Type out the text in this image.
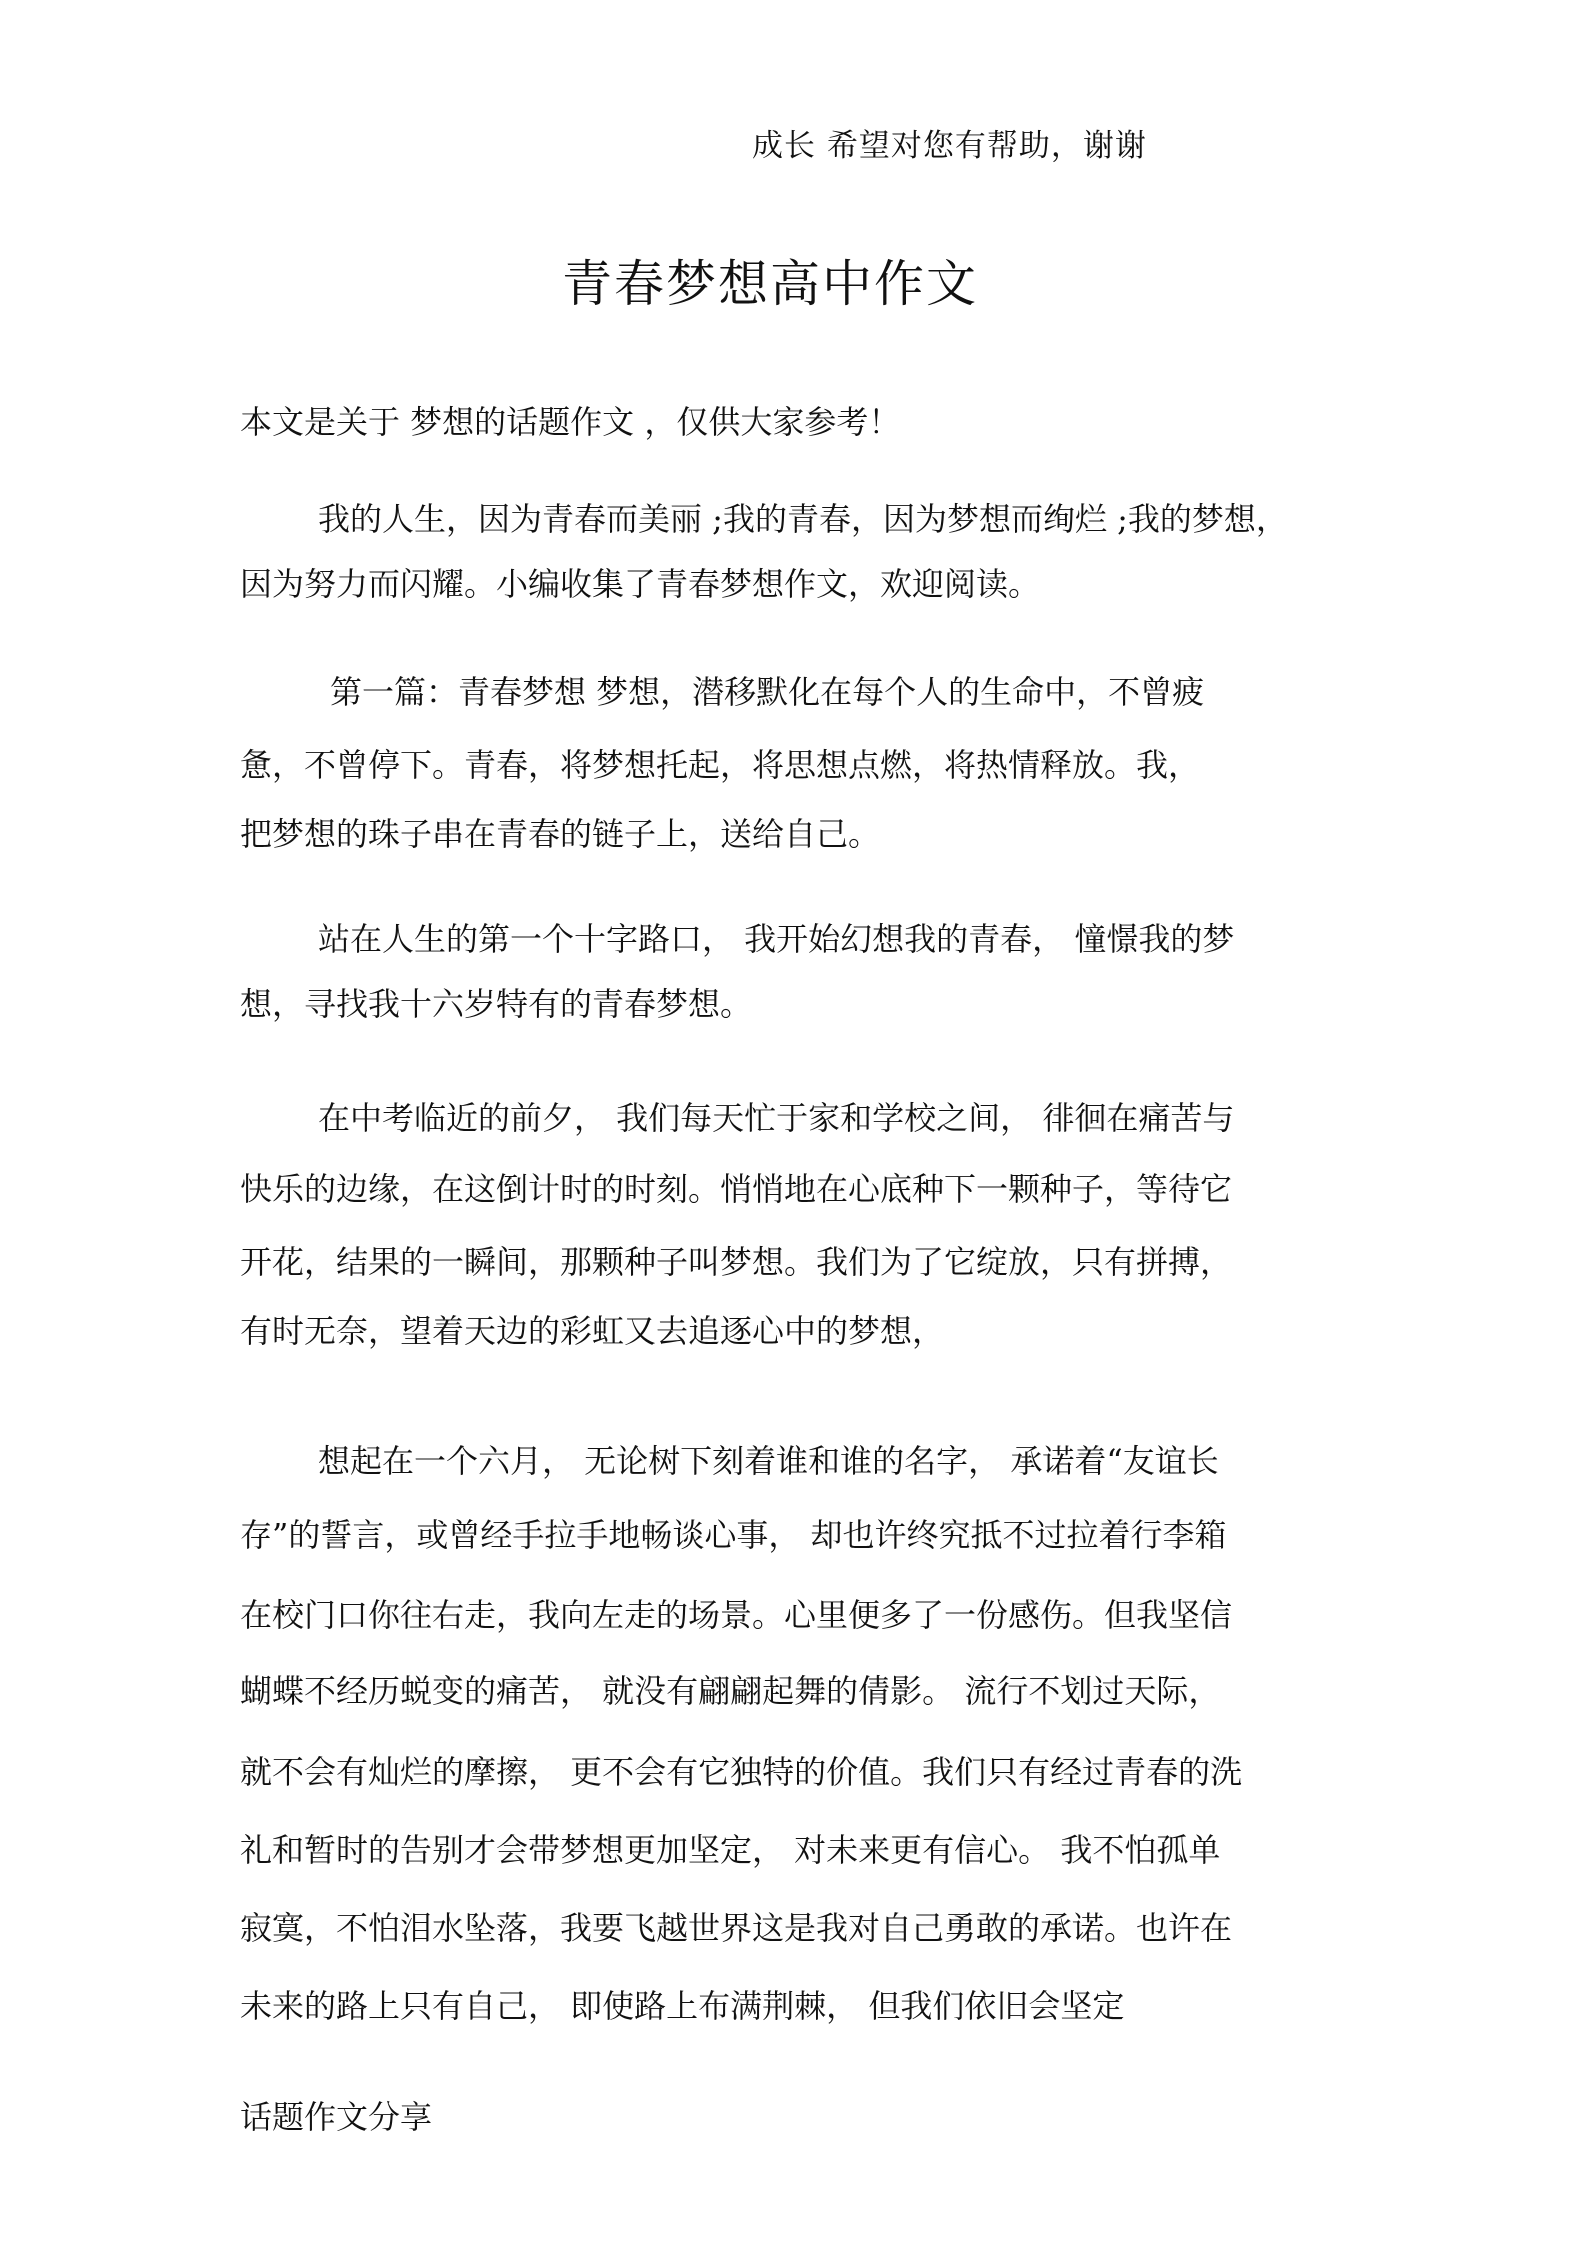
成长 希望对您有帮助，谢谢
青春梦想高中作文
本文是关于 梦想的话题作文 ，仅供大家参考！
我的人生，因为青春而美丽 ;我的青春，因为梦想而绚烂 ;我的梦想，
因为努力而闪耀。小编收集了青春梦想作文，欢迎阅读。
第一篇：青春梦想 梦想，潜移默化在每个人的生命中，不曾疲
惫，不曾停下。青春，将梦想托起，将思想点燃，将热情释放。我，
把梦想的珠子串在青春的链子上，送给自己。
站在人生的第一个十字路口， 我开始幻想我的青春， 憧憬我的梦
想，寻找我十六岁特有的青春梦想。
在中考临近的前夕， 我们每天忙于家和学校之间， 徘徊在痛苦与
快乐的边缘，在这倒计时的时刻。悄悄地在心底种下一颗种子，等待它
开花，结果的一瞬间，那颗种子叫梦想。我们为了它绽放，只有拼搏，
有时无奈，望着天边的彩虹又去追逐心中的梦想，
想起在一个六月， 无论树下刻着谁和谁的名字， 承诺着“友谊长
存”的誓言，或曾经手拉手地畅谈心事， 却也许终究抵不过拉着行李箱
在校门口你往右走，我向左走的场景。心里便多了一份感伤。但我坚信
蝴蝶不经历蜕变的痛苦， 就没有翩翩起舞的倩影。 流行不划过天际，
就不会有灿烂的摩擦， 更不会有它独特的价值。我们只有经过青春的洗
礼和暂时的告别才会带梦想更加坚定， 对未来更有信心。 我不怕孤单
寂寞，不怕泪水坠落，我要飞越世界这是我对自己勇敢的承诺。也许在
未来的路上只有自己， 即使路上布满荆棘， 但我们依旧会坚定
话题作文分享
